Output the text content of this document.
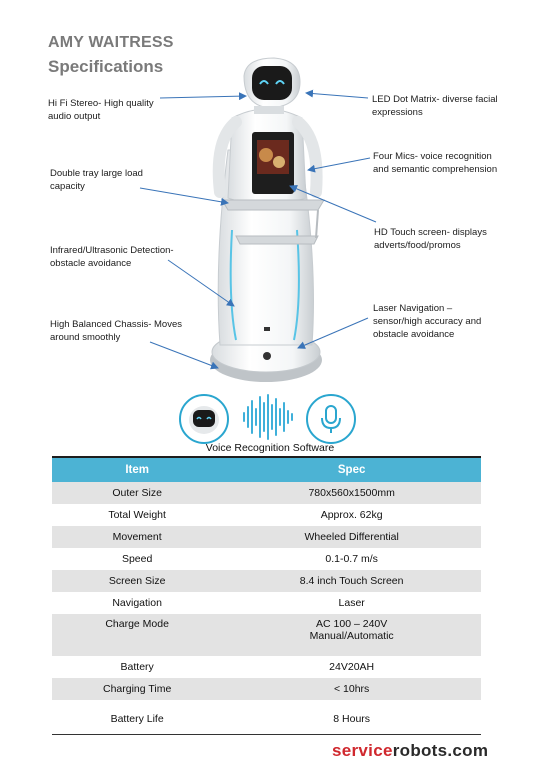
AMY WAITRESS
Specifications
Hi Fi Stereo- High quality
audio output
LED Dot Matrix- diverse facial
expressions
Four Mics- voice recognition
and semantic comprehension
Double tray large load
capacity
HD Touch screen- displays
adverts/food/promos
Infrared/Ultrasonic Detection-
obstacle avoidance
Laser Navigation –
sensor/high accuracy and
obstacle avoidance
High Balanced Chassis- Moves
around smoothly
Voice Recognition Software
Item	Spec
Outer Size	780x560x1500mm
Total Weight	Approx. 62kg
Movement	Wheeled Differential
Speed	0.1-0.7 m/s
Screen Size	8.4 inch Touch Screen
Navigation	Laser
Charge Mode	AC 100 – 240V
Manual/Automatic

Battery	24V20AH
Charging Time	< 10hrs
Battery Life	8 Hours
servicerobots.com
